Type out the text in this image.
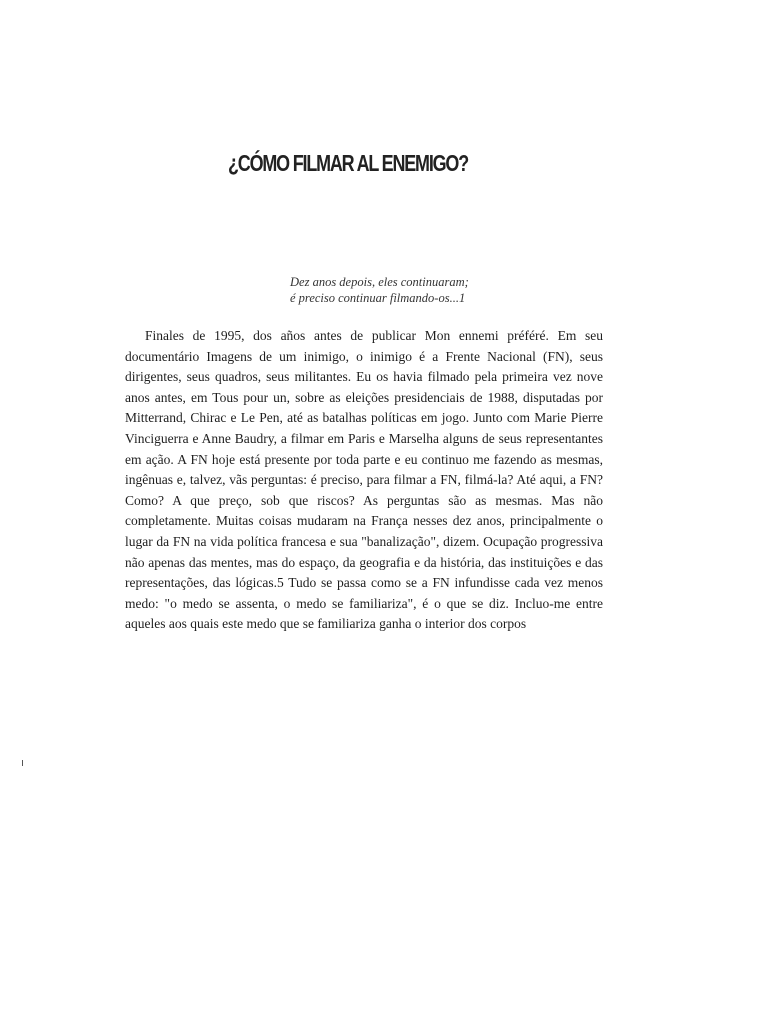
¿CÓMO FILMAR AL ENEMIGO?
Dez anos depois, eles continuaram;
é preciso continuar filmando-os...1

Finales de 1995, dos años antes de publicar Mon ennemi préféré. Em seu documentário Imagens de um inimigo, o inimigo é a Frente Nacional (FN), seus dirigentes, seus quadros, seus militantes. Eu os havia filmado pela primeira vez nove anos antes, em Tous pour un, sobre as eleições presidenciais de 1988, disputadas por Mitterrand, Chirac e Le Pen, até as batalhas políticas em jogo. Junto com Marie Pierre Vinciguerra e Anne Baudry, a filmar em Paris e Marselha alguns de seus representantes em ação. A FN hoje está presente por toda parte e eu continuo me fazendo as mesmas, ingênuas e, talvez, vãs perguntas: é preciso, para filmar a FN, filmá-la? Até aqui, a FN? Como? A que preço, sob que riscos? As perguntas são as mesmas. Mas não completamente. Muitas coisas mudaram na França nesses dez anos, principalmente o lugar da FN na vida política francesa e sua "banalização", dizem. Ocupação progressiva não apenas das mentes, mas do espaço, da geografia e da história, das instituições e das representações, das lógicas.5 Tudo se passa como se a FN infundisse cada vez menos medo: "o medo se assenta, o medo se familiariza", é o que se diz. Incluo-me entre aqueles aos quais este medo que se familiariza ganha o interior dos corpos
